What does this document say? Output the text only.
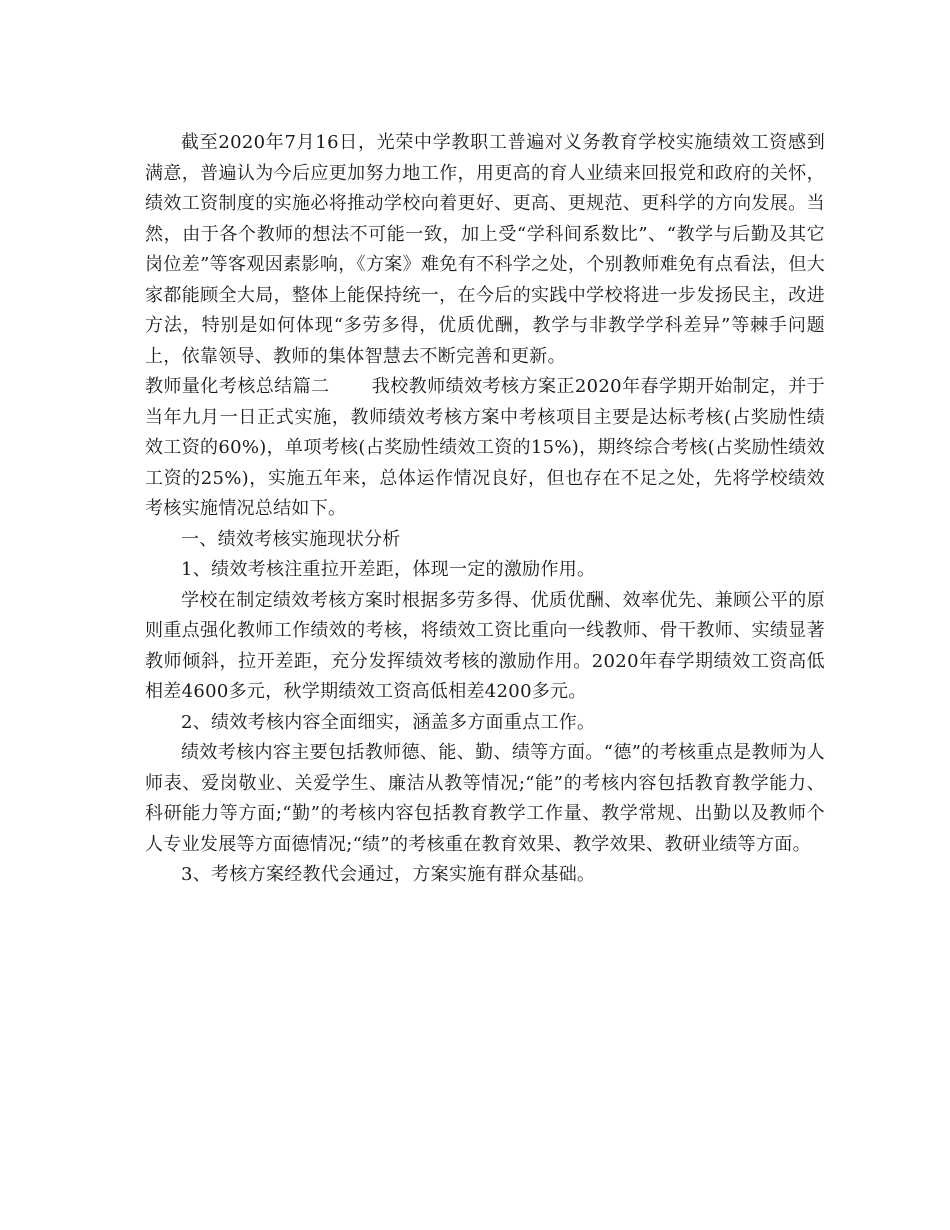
截至2020年7月16日，光荣中学教职工普遍对义务教育学校实施绩效工资感到满意，普遍认为今后应更加努力地工作，用更高的育人业绩来回报党和政府的关怀，绩效工资制度的实施必将推动学校向着更好、更高、更规范、更科学的方向发展。当然，由于各个教师的想法不可能一致，加上受“学科间系数比”、“教学与后勤及其它岗位差”等客观因素影响，《方案》难免有不科学之处，个别教师难免有点看法，但大家都能顾全大局，整体上能保持统一，在今后的实践中学校将进一步发扬民主，改进方法，特别是如何体现“多劳多得，优质优酬，教学与非教学学科差异”等棘手问题上，依靠领导、教师的集体智慧去不断完善和更新。

教师量化考核总结篇二 我校教师绩效考核方案正2020年春学期开始制定，并于当年九月一日正式实施，教师绩效考核方案中考核项目主要是达标考核(占奖励性绩效工资的60%)，单项考核(占奖励性绩效工资的15%)，期终综合考核(占奖励性绩效工资的25%)，实施五年来，总体运作情况良好，但也存在不足之处，先将学校绩效考核实施情况总结如下。

一、绩效考核实施现状分析

1、绩效考核注重拉开差距，体现一定的激励作用。

学校在制定绩效考核方案时根据多劳多得、优质优酬、效率优先、兼顾公平的原则重点强化教师工作绩效的考核，将绩效工资比重向一线教师、骨干教师、实绩显著教师倾斜，拉开差距，充分发挥绩效考核的激励作用。2020年春学期绩效工资高低相差4600多元，秋学期绩效工资高低相差4200多元。

2、绩效考核内容全面细实，涵盖多方面重点工作。

绩效考核内容主要包括教师德、能、勤、绩等方面。“德”的考核重点是教师为人师表、爱岗敬业、关爱学生、廉洁从教等情况;“能”的考核内容包括教育教学能力、科研能力等方面;“勤”的考核内容包括教育教学工作量、教学常规、出勤以及教师个人专业发展等方面德情况;“绩”的考核重在教育效果、教学效果、教研业绩等方面。

3、考核方案经教代会通过，方案实施有群众基础。
